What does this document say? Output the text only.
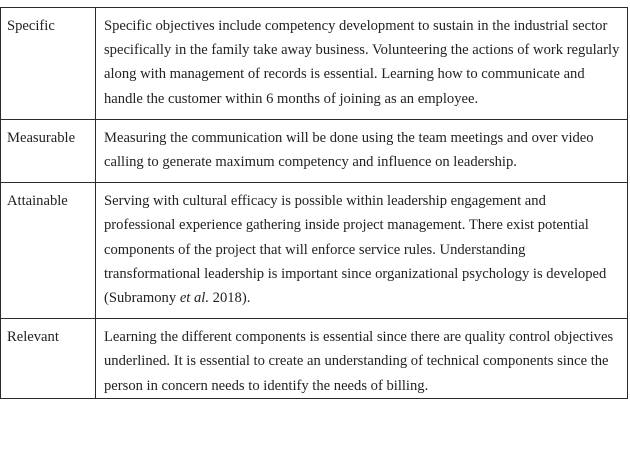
Specific	Specific objectives include competency development to sustain in the industrial sector specifically in the family take away business. Volunteering the actions of work regularly along with management of records is essential. Learning how to communicate and handle the customer within 6 months of joining as an employee.
Measurable	Measuring the communication will be done using the team meetings and over video calling to generate maximum competency and influence on leadership.
Attainable	Serving with cultural efficacy is possible within leadership engagement and professional experience gathering inside project management. There exist potential components of the project that will enforce service rules. Understanding transformational leadership is important since organizational psychology is developed (Subramony et al. 2018).
Relevant	Learning the different components is essential since there are quality control objectives underlined. It is essential to create an understanding of technical components since the person in concern needs to identify the needs of billing.
